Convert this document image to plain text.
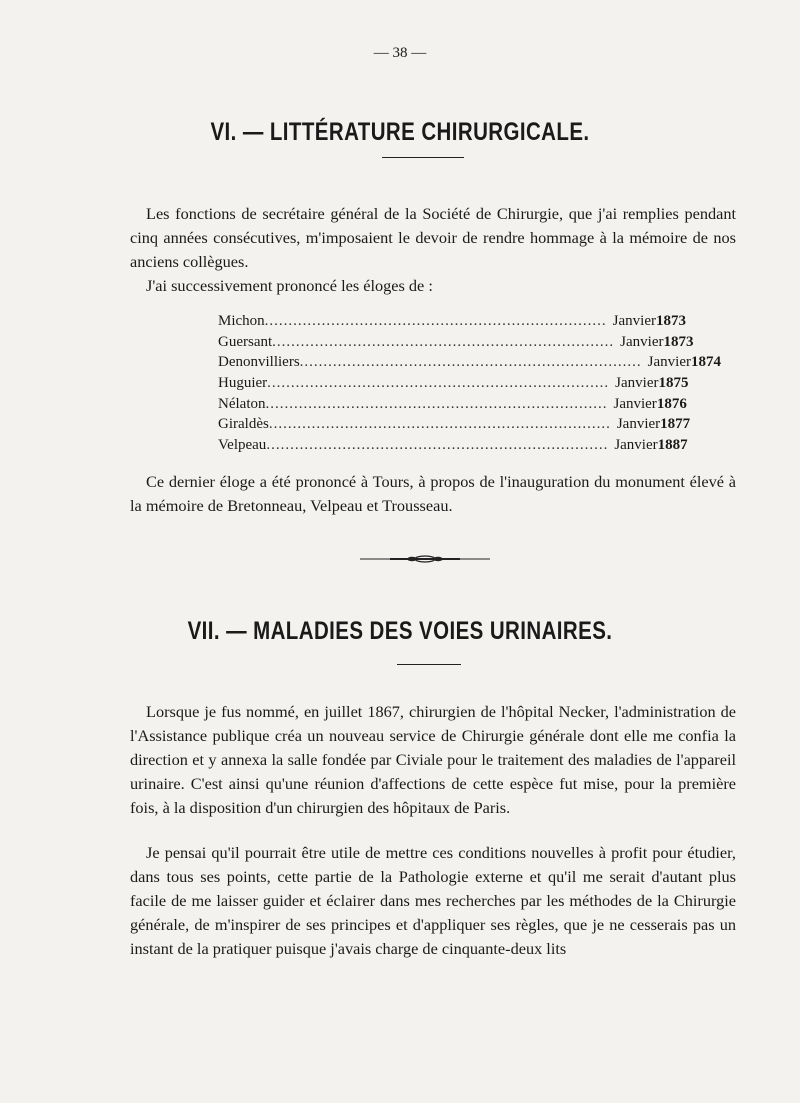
— 38 —
VI. — LITTÉRATURE CHIRURGICALE.
Les fonctions de secrétaire général de la Société de Chirurgie, que j'ai remplies pendant cinq années consécutives, m'imposaient le devoir de rendre hommage à la mémoire de nos anciens collègues.
J'ai successivement prononcé les éloges de :
Michon ........................................................................ Janvier 1873
Guersant ........................................................................ Janvier 1873
Denonvilliers ........................................................................ Janvier 1874
Huguier ........................................................................ Janvier 1875
Nélaton ........................................................................ Janvier 1876
Giraldès ........................................................................ Janvier 1877
Velpeau ........................................................................ Janvier 1887
Ce dernier éloge a été prononcé à Tours, à propos de l'inauguration du monument élevé à la mémoire de Bretonneau, Velpeau et Trousseau.
VII. — MALADIES DES VOIES URINAIRES.
Lorsque je fus nommé, en juillet 1867, chirurgien de l'hôpital Necker, l'administration de l'Assistance publique créa un nouveau service de Chirurgie générale dont elle me confia la direction et y annexa la salle fondée par Civiale pour le traitement des maladies de l'appareil urinaire. C'est ainsi qu'une réunion d'affections de cette espèce fut mise, pour la première fois, à la disposition d'un chirurgien des hôpitaux de Paris.
Je pensai qu'il pourrait être utile de mettre ces conditions nouvelles à profit pour étudier, dans tous ses points, cette partie de la Pathologie externe et qu'il me serait d'autant plus facile de me laisser guider et éclairer dans mes recherches par les méthodes de la Chirurgie générale, de m'inspirer de ses principes et d'appliquer ses règles, que je ne cesserais pas un instant de la pratiquer puisque j'avais charge de cinquante-deux lits
